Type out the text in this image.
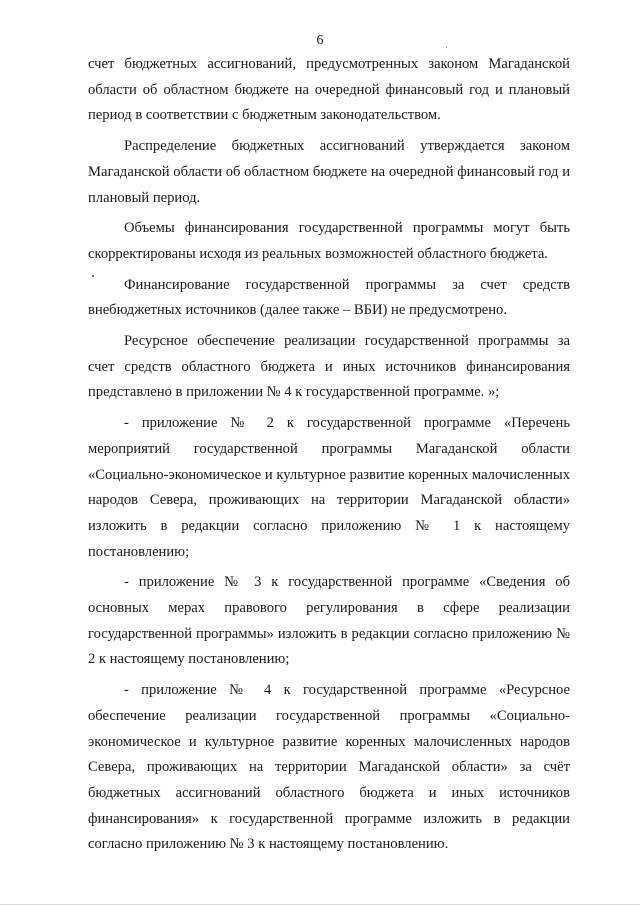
6

счет бюджетных ассигнований, предусмотренных законом Магаданской области об областном бюджете на очередной финансовый год и плановый период в соответствии с бюджетным законодательством.

Распределение бюджетных ассигнований утверждается законом Магаданской области об областном бюджете на очередной финансовый год и плановый период.

Объемы финансирования государственной программы могут быть скорректированы исходя из реальных возможностей областного бюджета.

Финансирование государственной программы за счет средств внебюджетных источников (далее также – ВБИ) не предусмотрено.

Ресурсное обеспечение реализации государственной программы за счет средств областного бюджета и иных источников финансирования представлено в приложении № 4 к государственной программе. »;

- приложение № 2 к государственной программе «Перечень мероприятий государственной программы Магаданской области «Социально-экономическое и культурное развитие коренных малочисленных народов Севера, проживающих на территории Магаданской области» изложить в редакции согласно приложению № 1 к настоящему постановлению;

- приложение № 3 к государственной программе «Сведения об основных мерах правового регулирования в сфере реализации государственной программы» изложить в редакции согласно приложению № 2 к настоящему постановлению;

- приложение № 4 к государственной программе «Ресурсное обеспечение реализации государственной программы «Социально-экономическое и культурное развитие коренных малочисленных народов Севера, проживающих на территории Магаданской области» за счёт бюджетных ассигнований областного бюджета и иных источников финансирования» к государственной программе изложить в редакции согласно приложению № 3 к настоящему постановлению.
